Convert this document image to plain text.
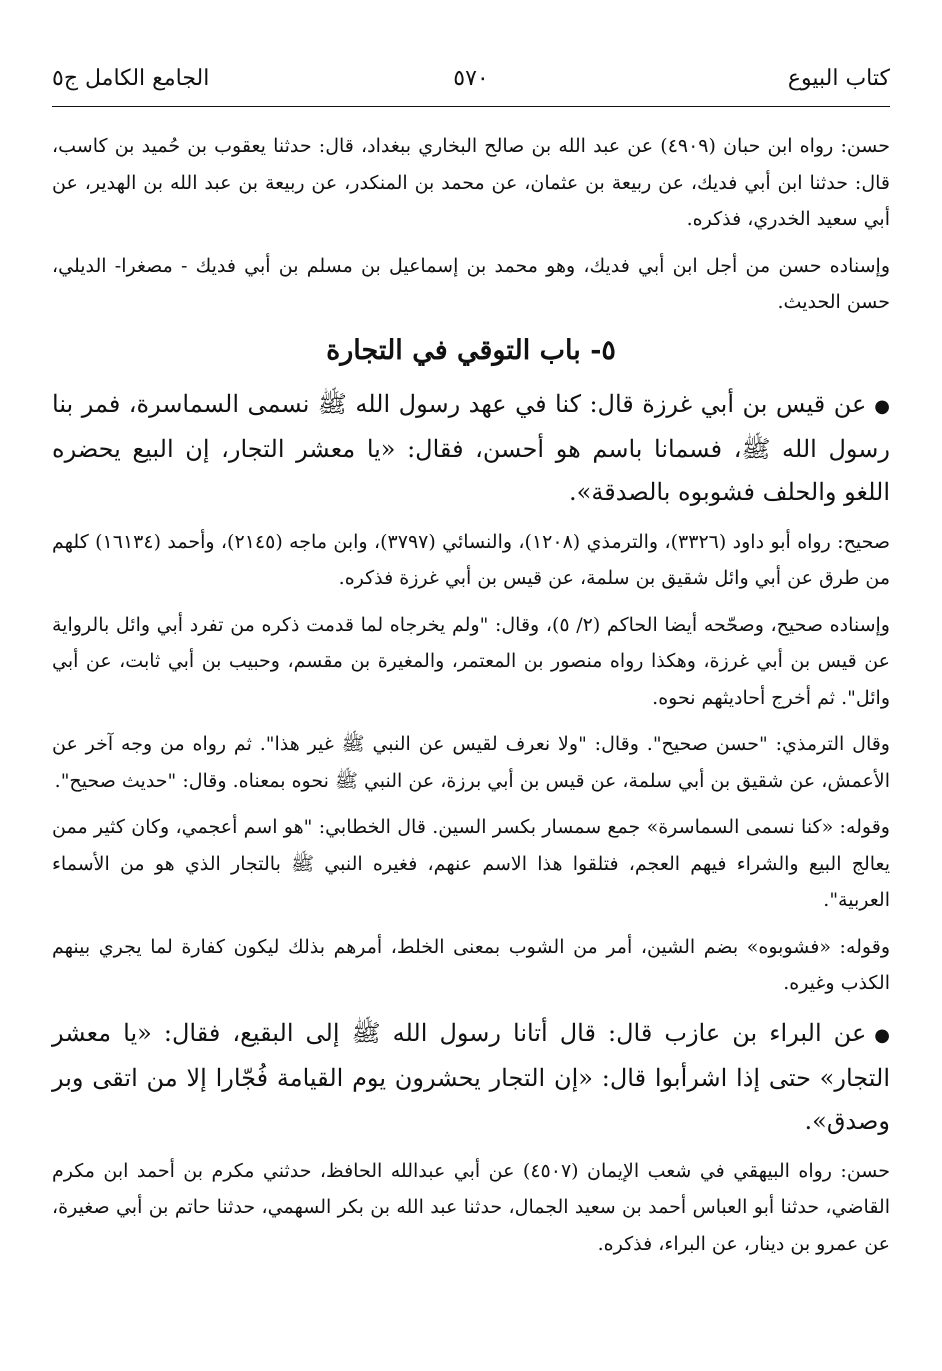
كتاب البيوع
٥٧٠
الجامع الكامل ج٥

حسن: رواه ابن حبان (٤٩٠٩) عن عبد الله بن صالح البخاري ببغداد، قال: حدثنا يعقوب بن حُميد بن كاسب، قال: حدثنا ابن أبي فديك، عن ربيعة بن عثمان، عن محمد بن المنكدر، عن ربيعة بن عبد الله بن الهدير، عن أبي سعيد الخدري، فذكره.

وإسناده حسن من أجل ابن أبي فديك، وهو محمد بن إسماعيل بن مسلم بن أبي فديك - مصغرا- الديلي، حسن الحديث.

٥- باب التوقي في التجارة

●عن قيس بن أبي غرزة قال: كنا في عهد رسول الله ﷺ نسمى السماسرة، فمر بنا رسول الله ﷺ، فسمانا باسم هو أحسن، فقال: «يا معشر التجار، إن البيع يحضره اللغو والحلف فشوبوه بالصدقة».

صحيح: رواه أبو داود (٣٣٢٦)، والترمذي (١٢٠٨)، والنسائي (٣٧٩٧)، وابن ماجه (٢١٤٥)، وأحمد (١٦١٣٤) كلهم من طرق عن أبي وائل شقيق بن سلمة، عن قيس بن أبي غرزة فذكره.

وإسناده صحيح، وصحّحه أيضا الحاكم (٢/ ٥)، وقال: "ولم يخرجاه لما قدمت ذكره من تفرد أبي وائل بالرواية عن قيس بن أبي غرزة، وهكذا رواه منصور بن المعتمر، والمغيرة بن مقسم، وحبيب بن أبي ثابت، عن أبي وائل". ثم أخرج أحاديثهم نحوه.

وقال الترمذي: "حسن صحيح". وقال: "ولا نعرف لقيس عن النبي ﷺ غير هذا". ثم رواه من وجه آخر عن الأعمش، عن شقيق بن أبي سلمة، عن قيس بن أبي برزة، عن النبي ﷺ نحوه بمعناه. وقال: "حديث صحيح".

وقوله: «كنا نسمى السماسرة» جمع سمسار بكسر السين. قال الخطابي: "هو اسم أعجمي، وكان كثير ممن يعالج البيع والشراء فيهم العجم، فتلقوا هذا الاسم عنهم، فغيره النبي ﷺ بالتجار الذي هو من الأسماء العربية".

وقوله: «فشوبوه» بضم الشين، أمر من الشوب بمعنى الخلط، أمرهم بذلك ليكون كفارة لما يجري بينهم الكذب وغيره.

●عن البراء بن عازب قال: قال أتانا رسول الله ﷺ إلى البقيع، فقال: «يا معشر التجار» حتى إذا اشرأبوا قال: «إن التجار يحشرون يوم القيامة فُجّارا إلا من اتقى وبر وصدق».

حسن: رواه البيهقي في شعب الإيمان (٤٥٠٧) عن أبي عبدالله الحافظ، حدثني مكرم بن أحمد ابن مكرم القاضي، حدثنا أبو العباس أحمد بن سعيد الجمال، حدثنا عبد الله بن بكر السهمي، حدثنا حاتم بن أبي صغيرة، عن عمرو بن دينار، عن البراء، فذكره.
